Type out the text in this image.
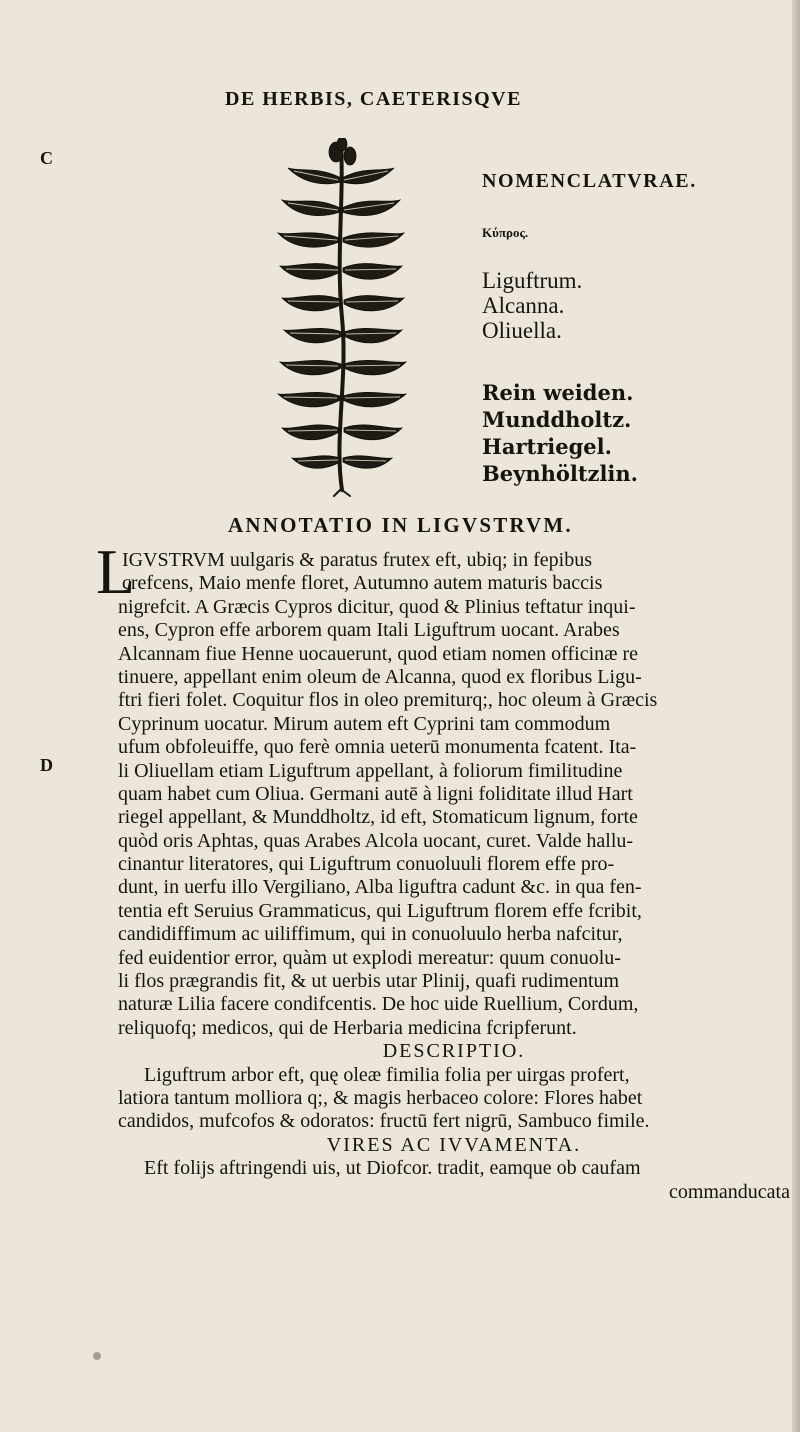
DE HERBIS, CAETERISQVE
C
D
NOMENCLATVRAE.
Κύπρος.
Liguftrum.
Alcanna.
Oliuella.
Rein weiden.
Munddholtz.
Hartriegel.
Beynhöltzlin.
ANNOTATIO IN LIGVSTRVM.
L
IGVSTRVM uulgaris & paratus frutex eft, ubiq; in fepibus
crefcens, Maio menfe floret, Autumno autem maturis baccis
nigrefcit. A Græcis Cypros dicitur, quod & Plinius teftatur inqui-
ens, Cypron effe arborem quam Itali Liguftrum uocant. Arabes
Alcannam fiue Henne uocauerunt, quod etiam nomen officinæ re
tinuere, appellant enim oleum de Alcanna, quod ex floribus Ligu-
ftri fieri folet. Coquitur flos in oleo premiturq;, hoc oleum à Græcis
Cyprinum uocatur. Mirum autem eft Cyprini tam commodum
ufum obfoleuiffe, quo ferè omnia ueterū monumenta fcatent. Ita-
li Oliuellam etiam Liguftrum appellant, à foliorum fimilitudine
quam habet cum Oliua. Germani autē à ligni foliditate illud Hart
riegel appellant, & Munddholtz, id eft, Stomaticum lignum, forte
quòd oris Aphtas, quas Arabes Alcola uocant, curet. Valde hallu-
cinantur literatores, qui Liguftrum conuoluuli florem effe pro-
dunt, in uerfu illo Vergiliano, Alba liguftra cadunt &c. in qua fen-
tentia eft Seruius Grammaticus, qui Liguftrum florem effe fcribit,
candidiffimum ac uiliffimum, qui in conuoluulo herba nafcitur,
fed euidentior error, quàm ut explodi mereatur: quum conuolu-
li flos prægrandis fit, & ut uerbis utar Plinij, quafi rudimentum
naturæ Lilia facere condifcentis. De hoc uide Ruellium, Cordum,
reliquofq; medicos, qui de Herbaria medicina fcripferunt.
DESCRIPTIO.
Liguftrum arbor eft, quę oleæ fimilia folia per uirgas profert,
latiora tantum molliora q;, & magis herbaceo colore: Flores habet
candidos, mufcofos & odoratos: fructū fert nigrū, Sambuco fimile.
VIRES AC IVVAMENTA.
Eft folijs aftringendi uis, ut Diofcor. tradit, eamque ob caufam
commanducata
